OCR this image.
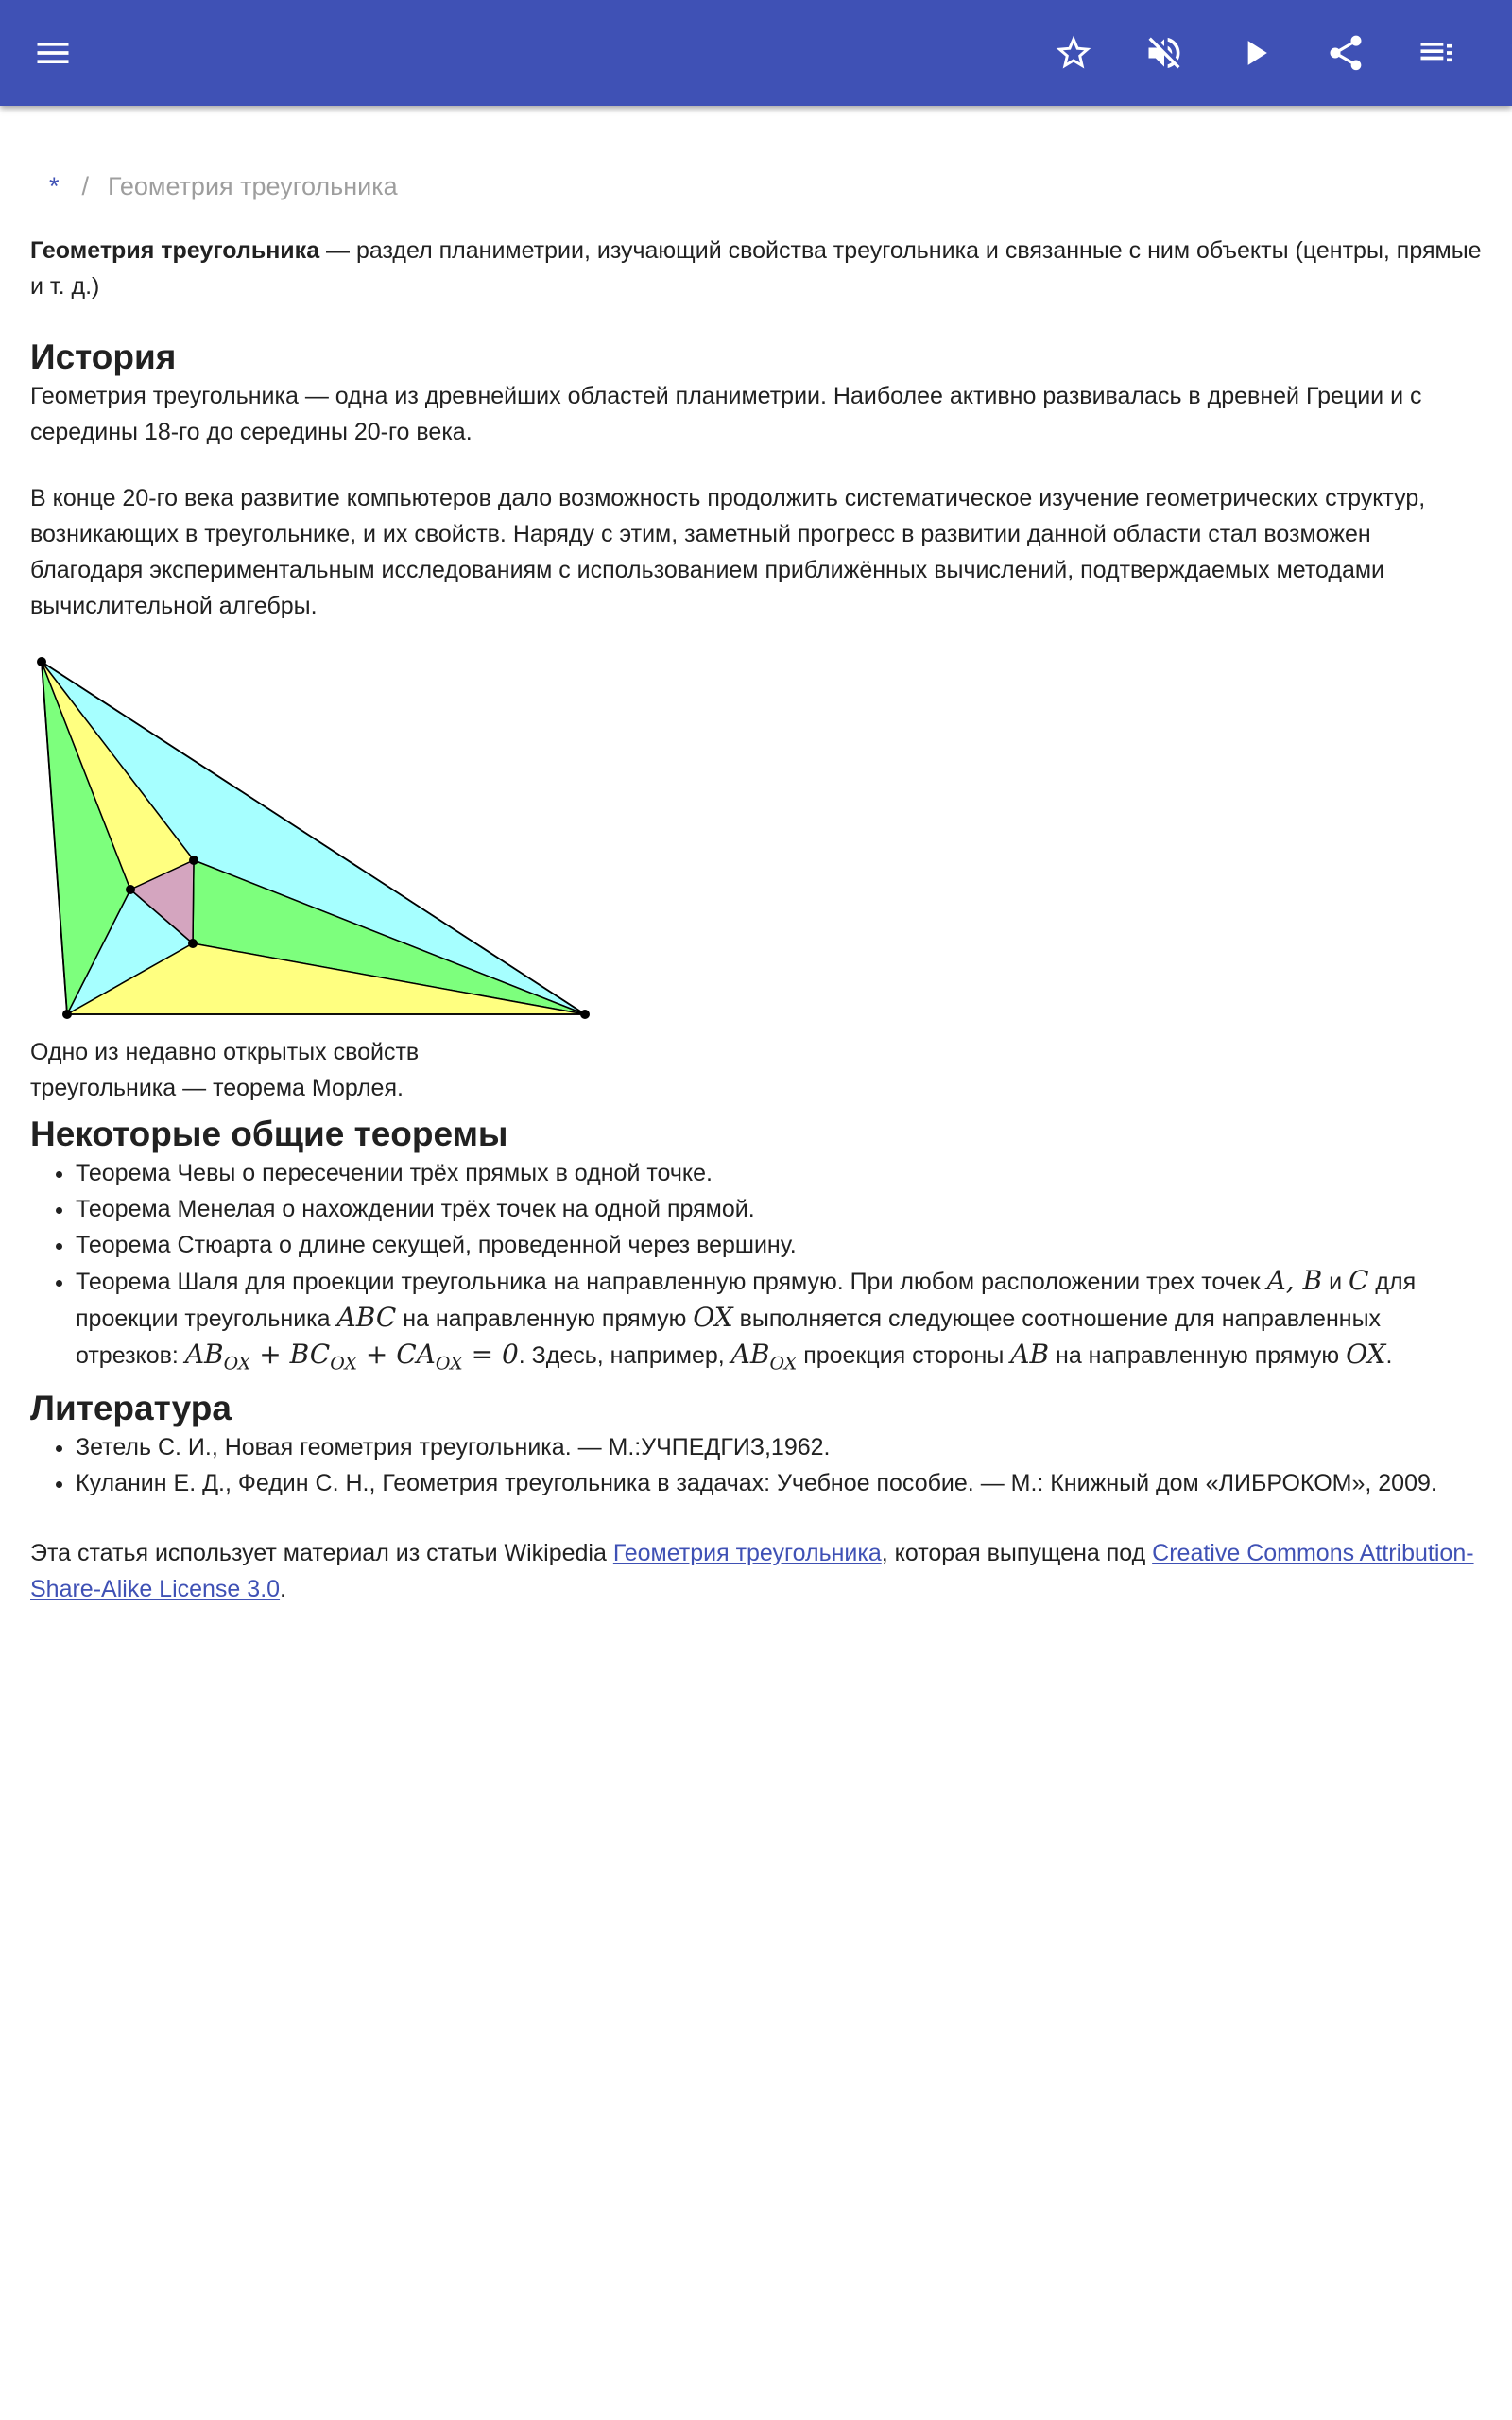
* / Геометрия треугольника

Геометрия треугольника — раздел планиметрии, изучающий свойства треугольника и связанные с ним объекты (центры, прямые и т. д.)

История

Геометрия треугольника — одна из древнейших областей планиметрии. Наиболее активно развивалась в древней Греции и с середины 18-го до середины 20-го века.

В конце 20-го века развитие компьютеров дало возможность продолжить систематическое изучение геометрических структур, возникающих в треугольнике, и их свойств. Наряду с этим, заметный прогресс в развитии данной области стал возможен благодаря экспериментальным исследованиям с использованием приближённых вычислений, подтверждаемых методами вычислительной алгебры.

Одно из недавно открытых свойств треугольника — теорема Морлея.

Некоторые общие теоремы
• Теорема Чевы о пересечении трёх прямых в одной точке.
• Теорема Менелая о нахождении трёх точек на одной прямой.
• Теорема Стюарта о длине секущей, проведенной через вершину.
• Теорема Шаля для проекции треугольника на направленную прямую. При любом расположении трех точек A, B и C для проекции треугольника ABC на направленную прямую OX выполняется следующее соотношение для направленных отрезков: $AB_{OX} + BC_{OX} + CA_{OX} = 0$. Здесь, например, $AB_{OX}$ проекция стороны AB на направленную прямую OX.
Литература
• Зетель С. И., Новая геометрия треугольника. — М.:УЧПЕДГИЗ,1962.
• Куланин Е. Д., Федин С. Н., Геометрия треугольника в задачах: Учебное пособие. — М.: Книжный дом «ЛИБРОКОМ», 2009.

Эта статья использует материал из статьи Wikipedia Геометрия треугольника, которая выпущена под Creative Commons Attribution-Share-Alike License 3.0.
